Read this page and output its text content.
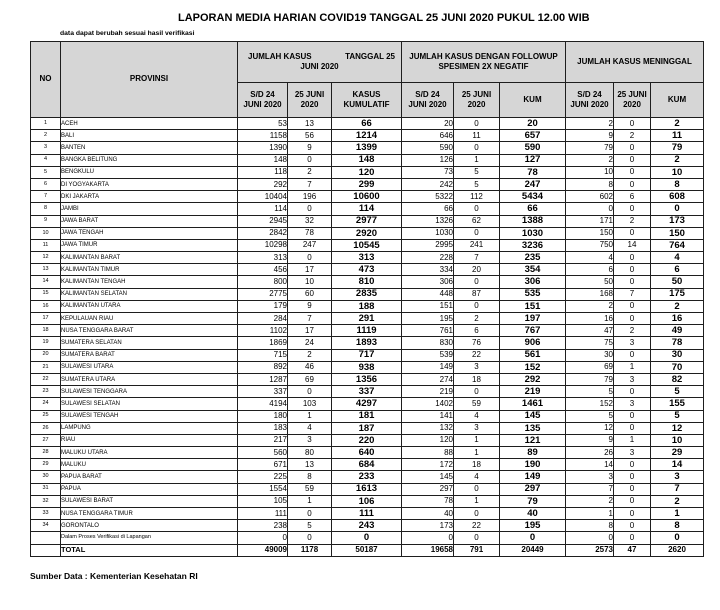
LAPORAN MEDIA HARIAN COVID19 TANGGAL 25 JUNI 2020 PUKUL 12.00 WIB
data dapat berubah sesuai hasil verifikasi
NO	PROVINSI	JUMLAH KASUS TANGGAL 25
JUNI 2020			JUMLAH KASUS DENGAN FOLLOWUP SPESIMEN 2X NEGATIF			JUMLAH KASUS MENINGGAL		

		S/D 24 JUNI 2020	25 JUNI 2020	KASUS KUMULATIF	S/D 24 JUNI 2020	25 JUNI 2020	KUM	S/D 24 JUNI 2020	25 JUNI 2020	KUM
1	ACEH	53	13	66	20	0	20	2	0	2
2	BALI	1158	56	1214	646	11	657	9	2	11
3	BANTEN	1390	9	1399	590	0	590	79	0	79
4	BANGKA BELITUNG	148	0	148	126	1	127	2	0	2
5	BENGKULU	118	2	120	73	5	78	10	0	10
6	DI YOGYAKARTA	292	7	299	242	5	247	8	0	8
7	DKI JAKARTA	10404	196	10600	5322	112	5434	602	6	608
8	JAMBI	114	0	114	66	0	66	0	0	0
9	JAWA BARAT	2945	32	2977	1326	62	1388	171	2	173
10	JAWA TENGAH	2842	78	2920	1030	0	1030	150	0	150
11	JAWA TIMUR	10298	247	10545	2995	241	3236	750	14	764
12	KALIMANTAN BARAT	313	0	313	228	7	235	4	0	4
13	KALIMANTAN TIMUR	456	17	473	334	20	354	6	0	6
14	KALIMANTAN TENGAH	800	10	810	306	0	306	50	0	50
15	KALIMANTAN SELATAN	2775	60	2835	448	87	535	168	7	175
16	KALIMANTAN UTARA	179	9	188	151	0	151	2	0	2
17	KEPULAUAN RIAU	284	7	291	195	2	197	16	0	16
18	NUSA TENGGARA BARAT	1102	17	1119	761	6	767	47	2	49
19	SUMATERA SELATAN	1869	24	1893	830	76	906	75	3	78
20	SUMATERA BARAT	715	2	717	539	22	561	30	0	30
21	SULAWESI UTARA	892	46	938	149	3	152	69	1	70
22	SUMATERA UTARA	1287	69	1356	274	18	292	79	3	82
23	SULAWESI TENGGARA	337	0	337	219	0	219	5	0	5
24	SULAWESI SELATAN	4194	103	4297	1402	59	1461	152	3	155
25	SULAWESI TENGAH	180	1	181	141	4	145	5	0	5
26	LAMPUNG	183	4	187	132	3	135	12	0	12
27	RIAU	217	3	220	120	1	121	9	1	10
28	MALUKU UTARA	560	80	640	88	1	89	26	3	29
29	MALUKU	671	13	684	172	18	190	14	0	14
30	PAPUA BARAT	225	8	233	145	4	149	3	0	3
31	PAPUA	1554	59	1613	297	0	297	7	0	7
32	SULAWESI BARAT	105	1	106	78	1	79	2	0	2
33	NUSA TENGGARA TIMUR	111	0	111	40	0	40	1	0	1
34	GORONTALO	238	5	243	173	22	195	8	0	8
	Dalam Proses Verifikasi di Lapangan	0	0	0	0	0	0	0	0	0
	TOTAL	49009	1178	50187	19658	791	20449	2573	47	2620
Sumber Data : Kementerian Kesehatan RI
